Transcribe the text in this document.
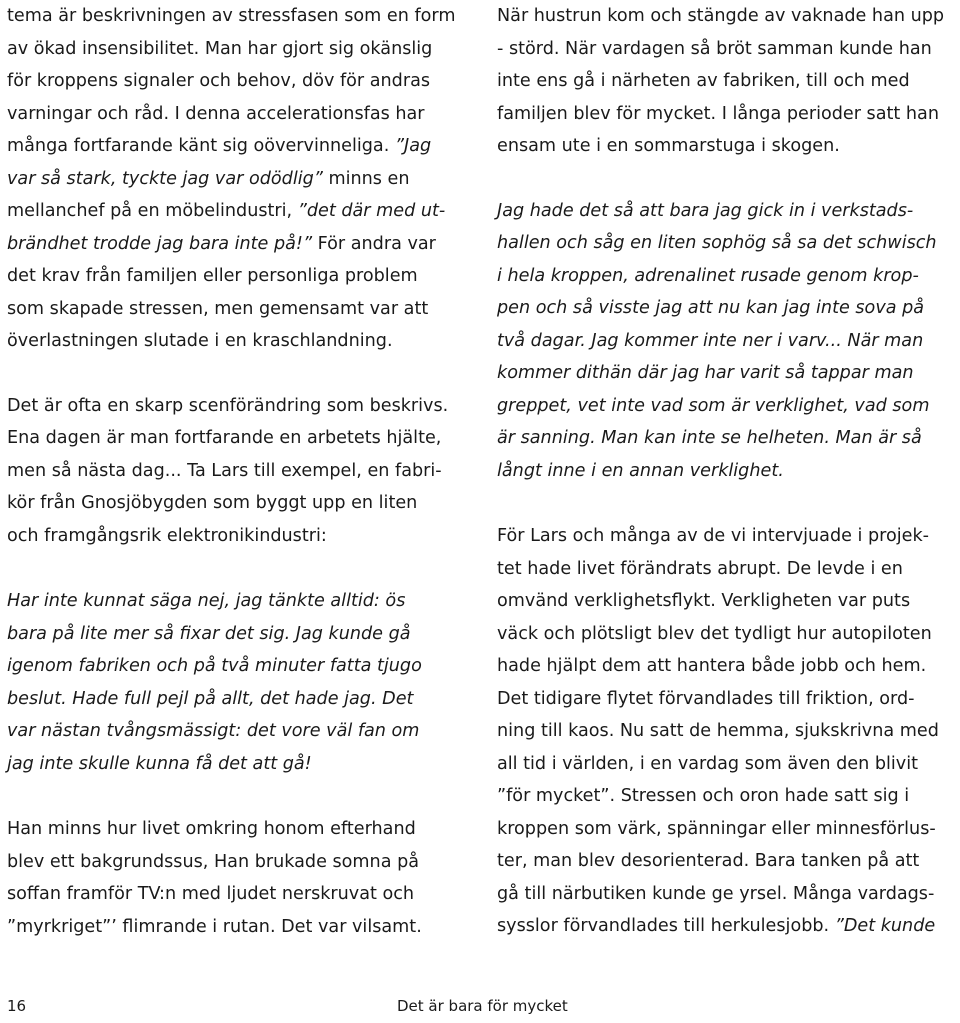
tema är beskrivningen av stressfasen som en form
av ökad insensibilitet. Man har gjort sig okänslig
för kroppens signaler och behov, döv för andras
varningar och råd. I denna accelerationsfas har
många fortfarande känt sig oövervinneliga. ”Jag
var så stark, tyckte jag var odödlig” minns en
mellanchef på en möbelindustri, ”det där med ut-
brändhet trodde jag bara inte på!” För andra var
det krav från familjen eller personliga problem
som skapade stressen, men gemensamt var att
överlastningen slutade i en kraschlandning.
Det är ofta en skarp scenförändring som beskrivs.
Ena dagen är man fortfarande en arbetets hjälte,
men så nästa dag... Ta Lars till exempel, en fabri-
kör från Gnosjöbygden som byggt upp en liten
och framgångsrik elektronikindustri:
Har inte kunnat säga nej, jag tänkte alltid: ös
bara på lite mer så fixar det sig. Jag kunde gå
igenom fabriken och på två minuter fatta tjugo
beslut. Hade full pejl på allt, det hade jag. Det
var nästan tvångsmässigt: det vore väl fan om
jag inte skulle kunna få det att gå!
Han minns hur livet omkring honom efterhand
blev ett bakgrundssus, Han brukade somna på
soffan framför TV:n med ljudet nerskruvat och
”myrkriget”’ flimrande i rutan. Det var vilsamt.
När hustrun kom och stängde av vaknade han upp
- störd. När vardagen så bröt samman kunde han
inte ens gå i närheten av fabriken, till och med
familjen blev för mycket. I långa perioder satt han
ensam ute i en sommarstuga i skogen.
Jag hade det så att bara jag gick in i verkstads-
hallen och såg en liten sophög så sa det schwisch
i hela kroppen, adrenalinet rusade genom krop-
pen och så visste jag att nu kan jag inte sova på
två dagar. Jag kommer inte ner i varv... När man
kommer dithän där jag har varit så tappar man
greppet, vet inte vad som är verklighet, vad som
är sanning. Man kan inte se helheten. Man är så
långt inne i en annan verklighet.
För Lars och många av de vi intervjuade i projek-
tet hade livet förändrats abrupt. De levde i en
omvänd verklighetsflykt. Verkligheten var puts
väck och plötsligt blev det tydligt hur autopiloten
hade hjälpt dem att hantera både jobb och hem.
Det tidigare flytet förvandlades till friktion, ord-
ning till kaos. Nu satt de hemma, sjukskrivna med
all tid i världen, i en vardag som även den blivit
”för mycket”. Stressen och oron hade satt sig i
kroppen som värk, spänningar eller minnesförlus-
ter, man blev desorienterad. Bara tanken på att
gå till närbutiken kunde ge yrsel. Många vardags-
sysslor förvandlades till herkulesjobb. ”Det kunde
16	Det är bara för mycket
